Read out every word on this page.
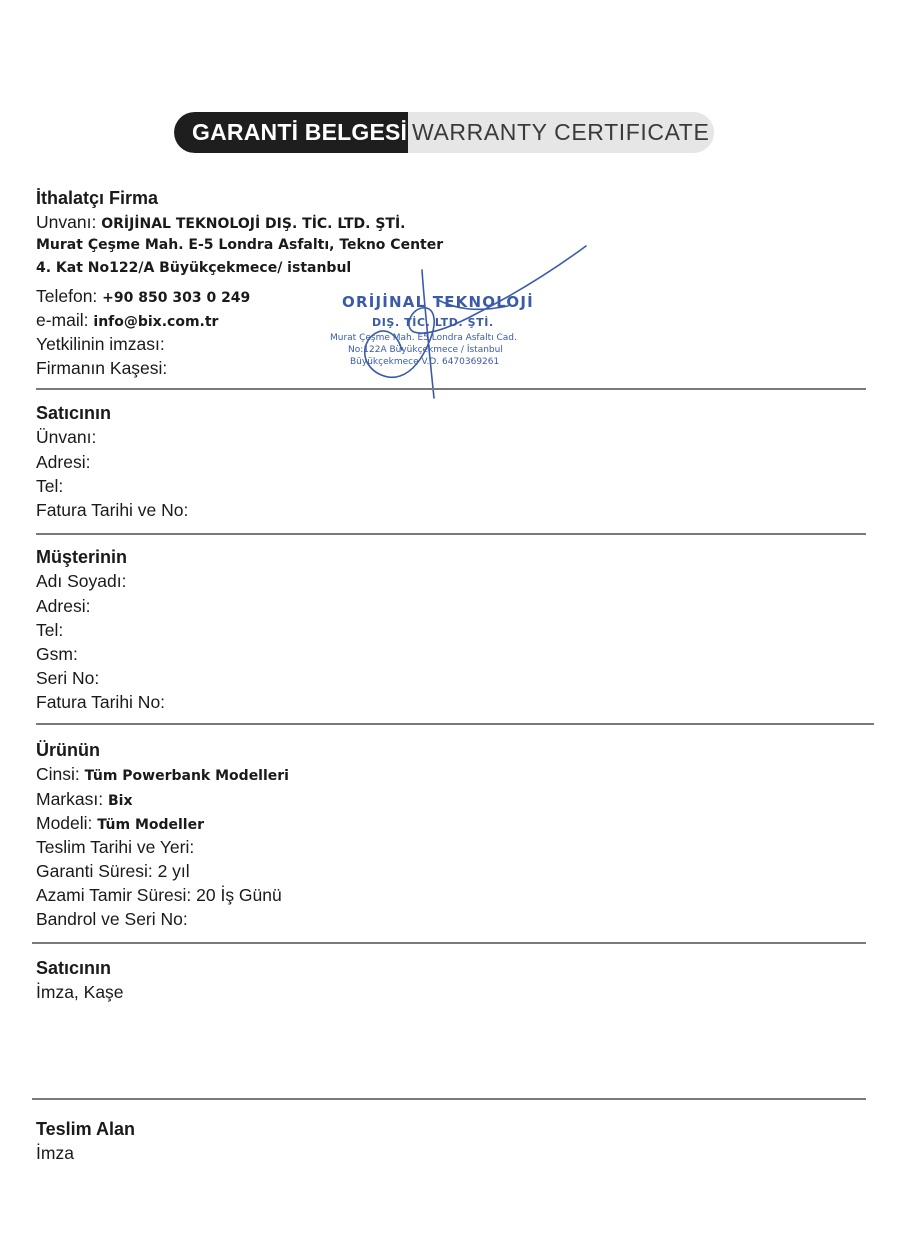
GARANTİ BELGESİ WARRANTY CERTIFICATE
İthalatçı Firma
Unvanı: ORİJİNAL TEKNOLOJİ DIŞ. TİC. LTD. ŞTİ.
Murat Çeşme Mah. E-5 Londra Asfaltı, Tekno Center
4. Kat No122/A Büyükçekmece/ istanbul
Telefon: +90 850 303 0 249
e-mail: info@bix.com.tr
Yetkilinin imzası:
Firmanın Kaşesi:
ORİJİNAL TEKNOLOJİ
DIŞ. TİC. LTD. ŞTİ.
Murat Çeşme Mah. E5 Londra Asfaltı Cad.
No:122A Büyükçekmece / İstanbul
Büyükçekmece V.D. 6470369261
Satıcının
Ünvanı:
Adresi:
Tel:
Fatura Tarihi ve No:
Müşterinin
Adı Soyadı:
Adresi:
Tel:
Gsm:
Seri No:
Fatura Tarihi No:
Ürünün
Cinsi: Tüm Powerbank Modelleri
Markası: Bix
Modeli: Tüm Modeller
Teslim Tarihi ve Yeri:
Garanti Süresi: 2 yıl
Azami Tamir Süresi: 20 İş Günü
Bandrol ve Seri No:
Satıcının
İmza, Kaşe
Teslim Alan
İmza
